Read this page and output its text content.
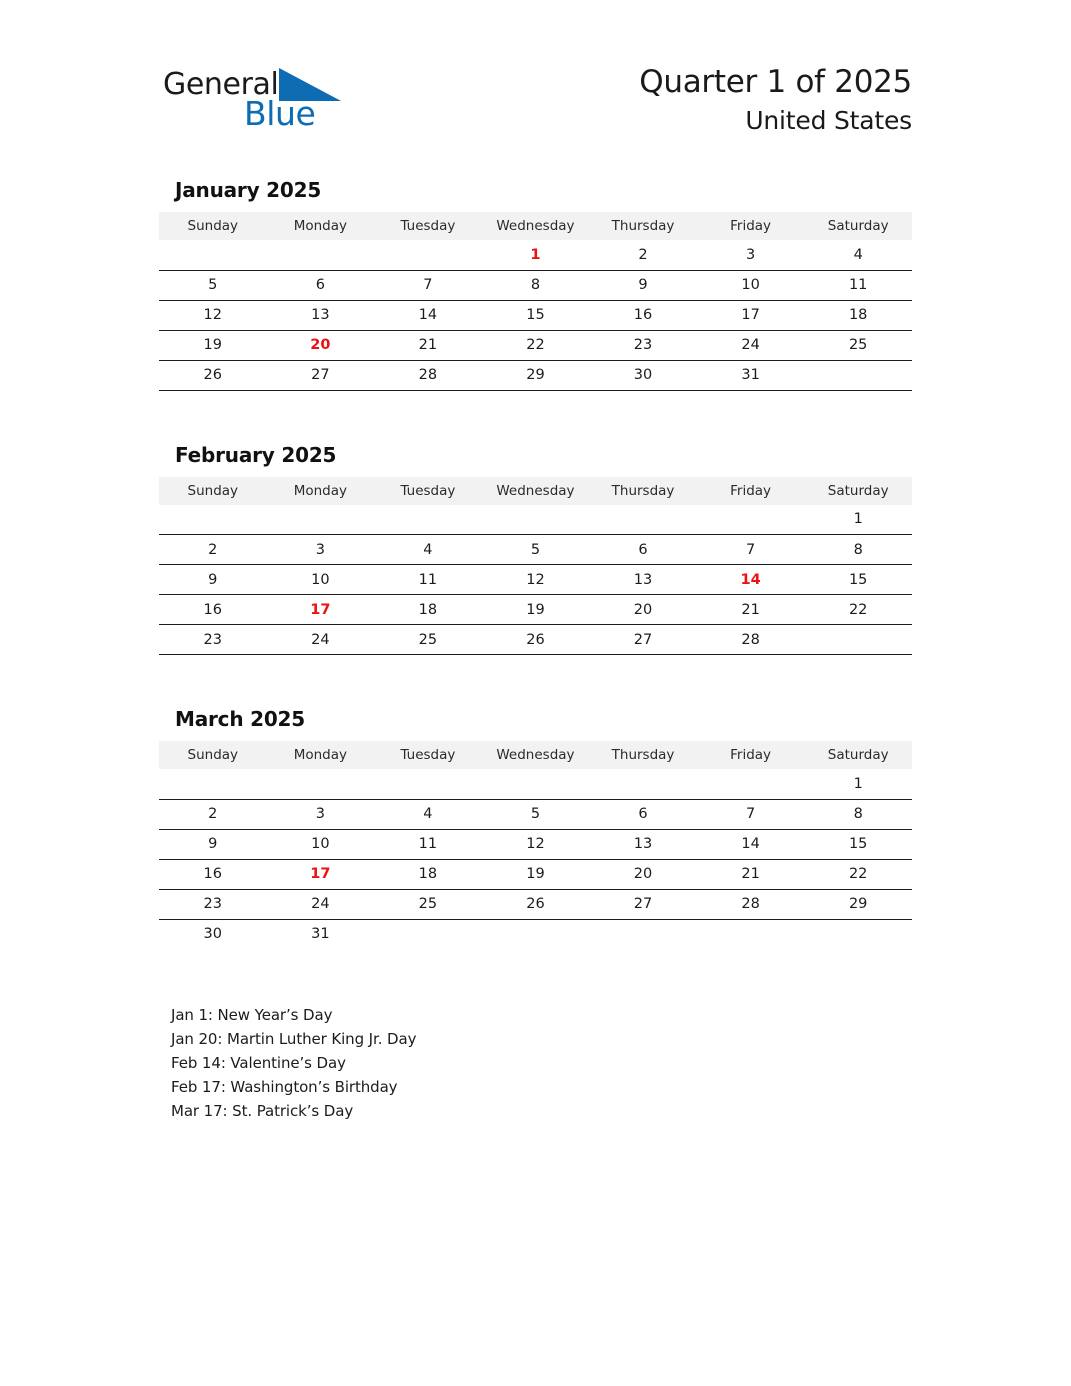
General
Blue
Quarter 1 of 2025
United States
January 2025
Sunday	Monday	Tuesday	Wednesday	Thursday	Friday	Saturday
			1	2	3	4
5	6	7	8	9	10	11
12	13	14	15	16	17	18
19	20	21	22	23	24	25
26	27	28	29	30	31	
February 2025
Sunday	Monday	Tuesday	Wednesday	Thursday	Friday	Saturday
						1
2	3	4	5	6	7	8
9	10	11	12	13	14	15
16	17	18	19	20	21	22
23	24	25	26	27	28	
March 2025
Sunday	Monday	Tuesday	Wednesday	Thursday	Friday	Saturday
						1
2	3	4	5	6	7	8
9	10	11	12	13	14	15
16	17	18	19	20	21	22
23	24	25	26	27	28	29
30	31					
Jan 1: New Year’s Day
Jan 20: Martin Luther King Jr. Day
Feb 14: Valentine’s Day
Feb 17: Washington’s Birthday
Mar 17: St. Patrick’s Day
